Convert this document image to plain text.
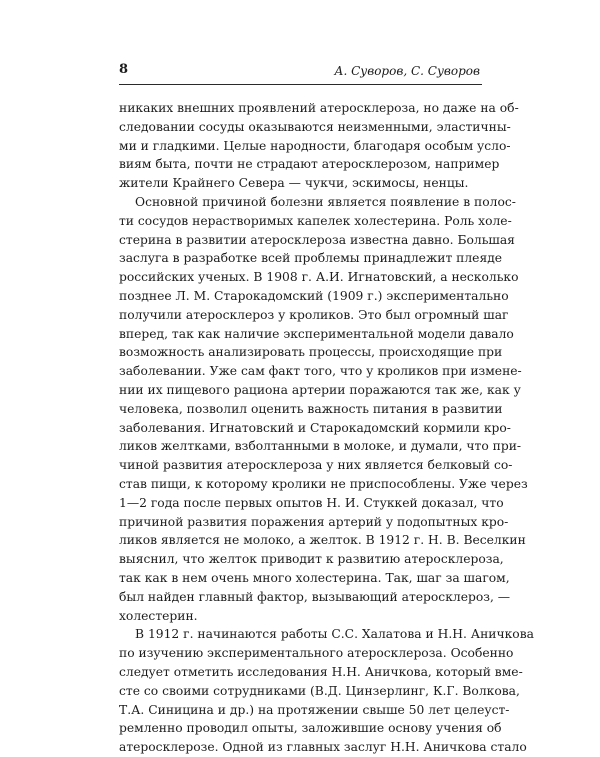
8	А. Суворов, С. Суворов
никаких внешних проявлений атеросклероза, но даже на об-
следовании сосуды оказываются неизменными, эластичны-
ми и гладкими. Целые народности, благодаря особым усло-
виям быта, почти не страдают атеросклерозом, например
жители Крайнего Севера — чукчи, эскимосы, ненцы.
Основной причиной болезни является появление в полос-
ти сосудов нерастворимых капелек холестерина. Роль холе-
стерина в развитии атеросклероза известна давно. Большая
заслуга в разработке всей проблемы принадлежит плеяде
российских ученых. В 1908 г. А.И. Игнатовский, а несколько
позднее Л. М. Старокадомский (1909 г.) экспериментально
получили атеросклероз у кроликов. Это был огромный шаг
вперед, так как наличие экспериментальной модели давало
возможность анализировать процессы, происходящие при
заболевании. Уже сам факт того, что у кроликов при измене-
нии их пищевого рациона артерии поражаются так же, как у
человека, позволил оценить важность питания в развитии
заболевания. Игнатовский и Старокадомский кормили кро-
ликов желтками, взболтанными в молоке, и думали, что при-
чиной развития атеросклероза у них является белковый со-
став пищи, к которому кролики не приспособлены. Уже через
1—2 года после первых опытов Н. И. Стуккей доказал, что
причиной развития поражения артерий у подопытных кро-
ликов является не молоко, а желток. В 1912 г. Н. В. Веселкин
выяснил, что желток приводит к развитию атеросклероза,
так как в нем очень много холестерина. Так, шаг за шагом,
был найден главный фактор, вызывающий атеросклероз, —
холестерин.
В 1912 г. начинаются работы С.С. Халатова и Н.Н. Аничкова
по изучению экспериментального атеросклероза. Особенно
следует отметить исследования Н.Н. Аничкова, который вме-
сте со своими сотрудниками (В.Д. Цинзерлинг, К.Г. Волкова,
Т.А. Синицина и др.) на протяжении свыше 50 лет целеуст-
ремленно проводил опыты, заложившие основу учения об
атеросклерозе. Одной из главных заслуг Н.Н. Аничкова стало
